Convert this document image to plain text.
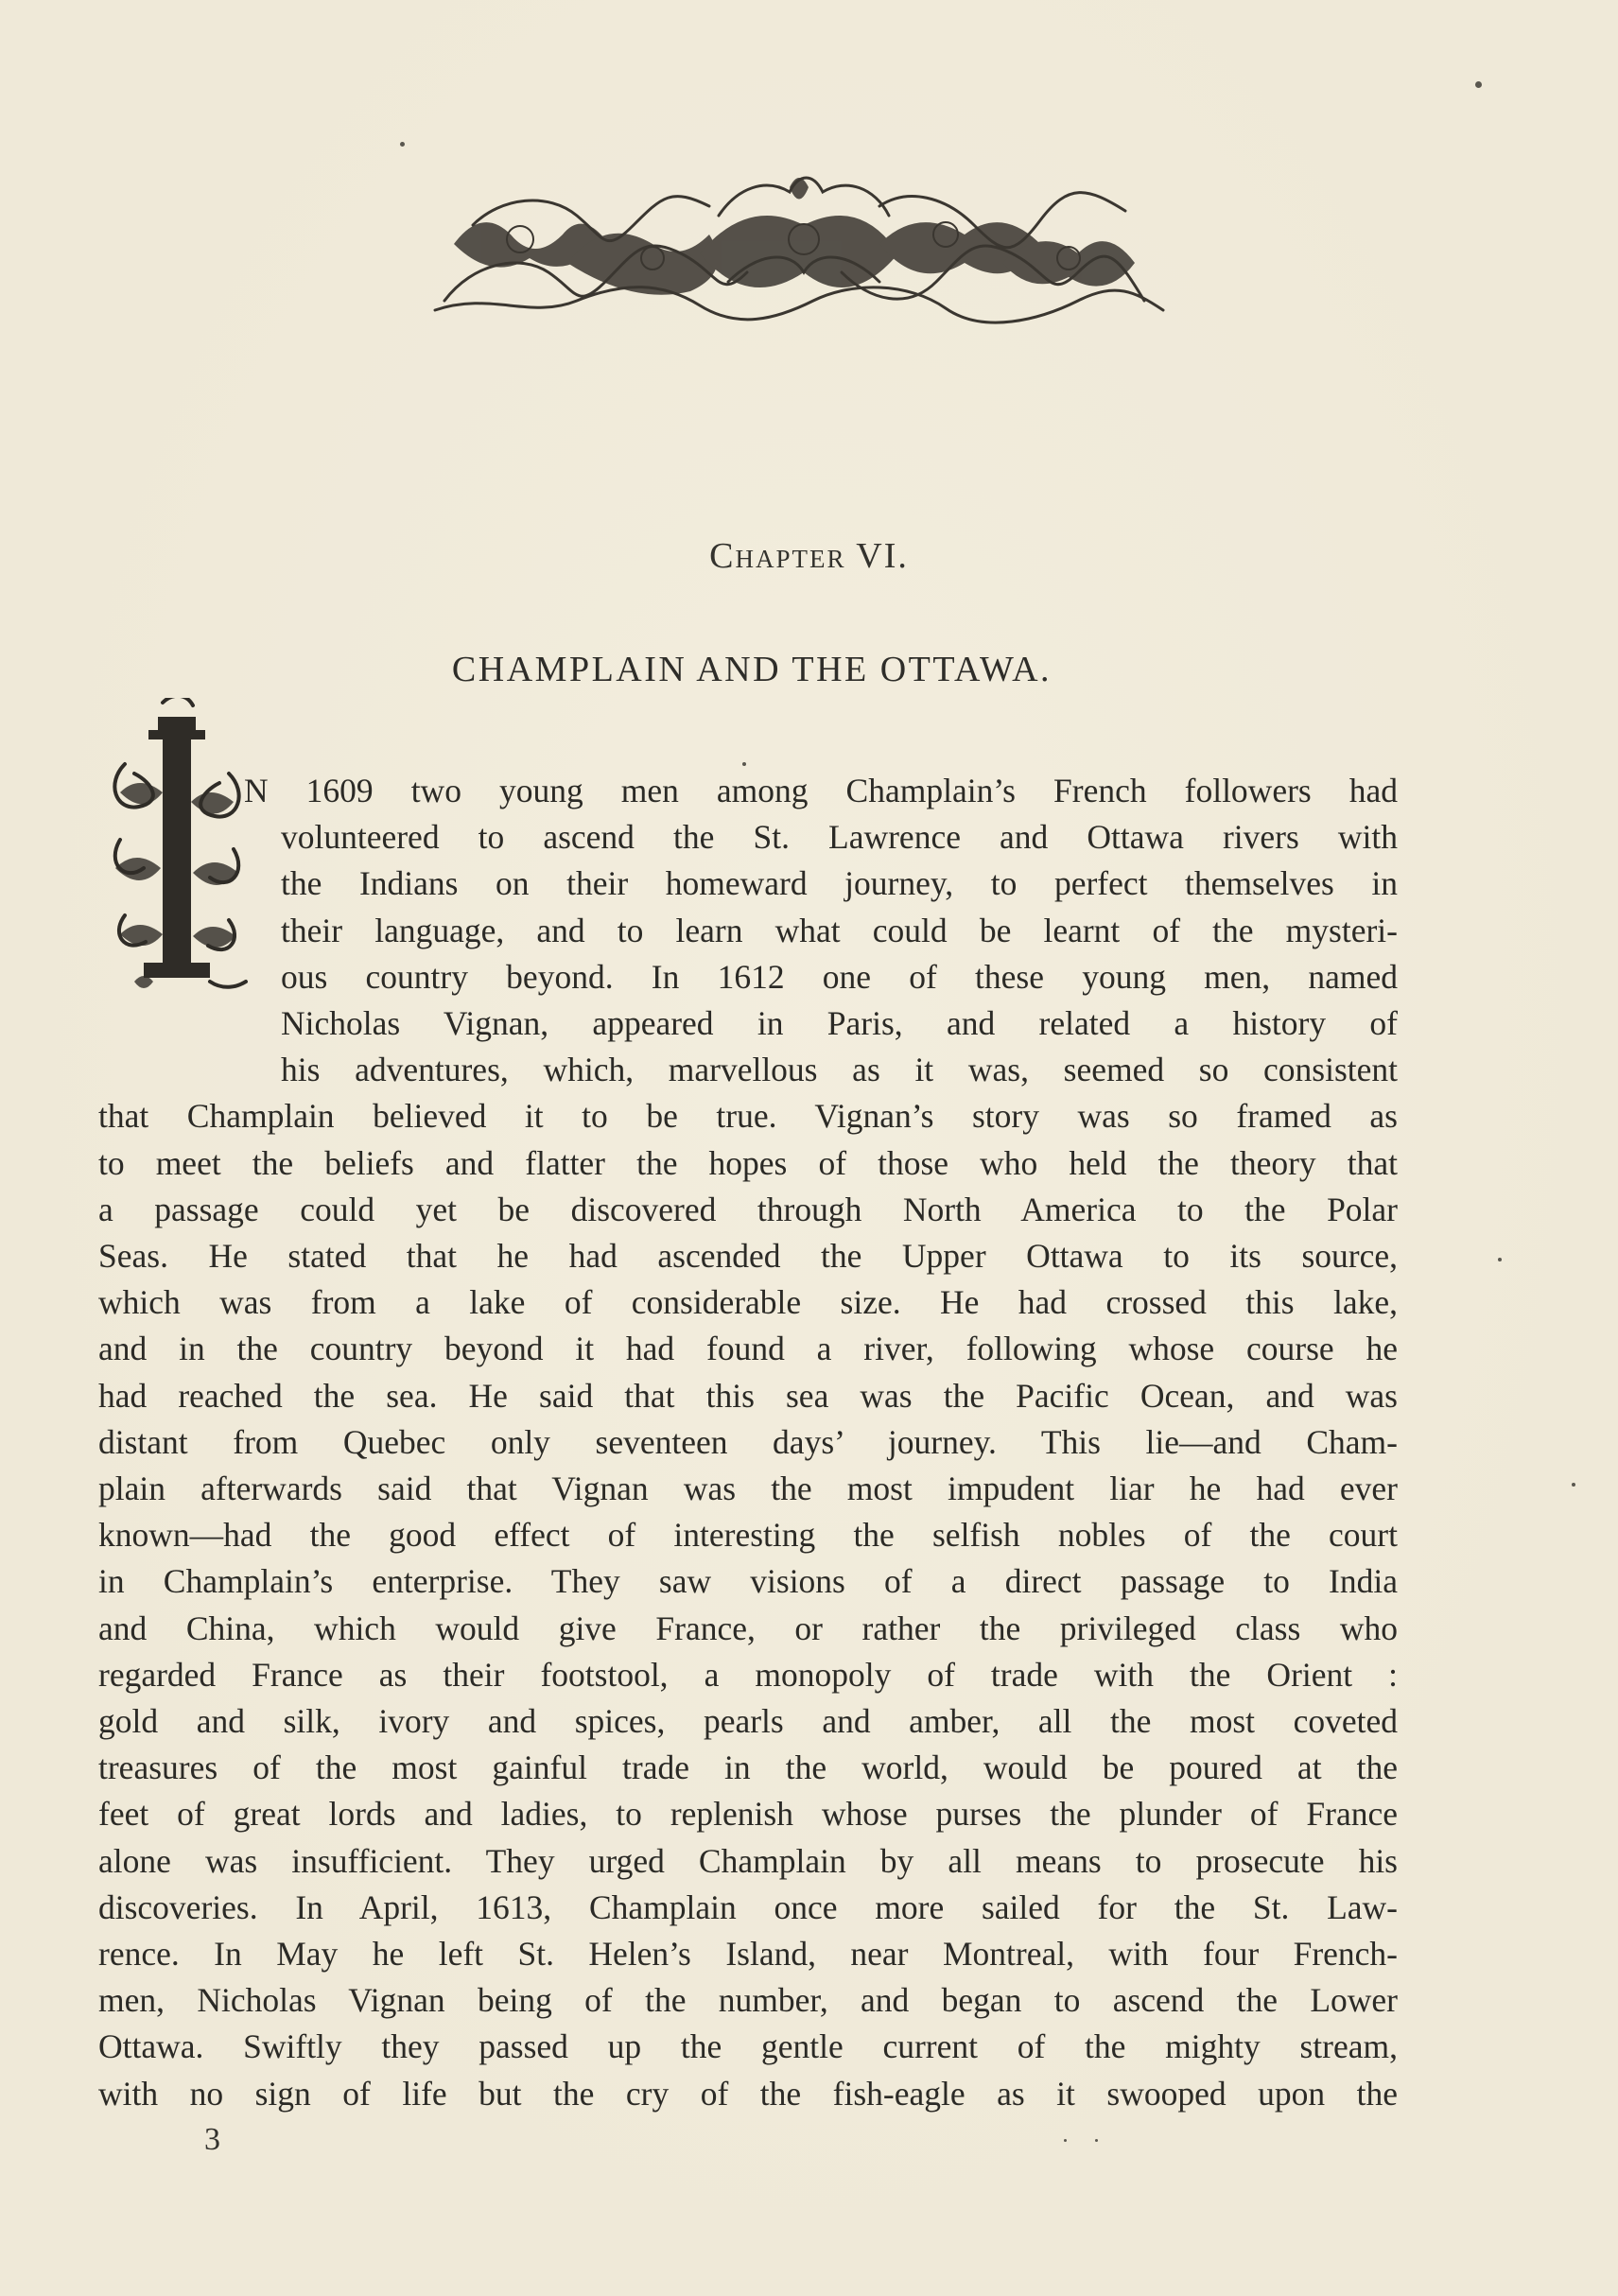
Chapter VI.
CHAMPLAIN AND THE OTTAWA.
I
N 1609 two young men among Champlain’s French followers had
volunteered to ascend the St. Lawrence and Ottawa rivers with
the Indians on their homeward journey, to perfect themselves in
their language, and to learn what could be learnt of the mysteri-
ous country beyond. In 1612 one of these young men, named
Nicholas Vignan, appeared in Paris, and related a history of
his adventures, which, marvellous as it was, seemed so consistent
that Champlain believed it to be true. Vignan’s story was so framed as
to meet the beliefs and flatter the hopes of those who held the theory that
a passage could yet be discovered through North America to the Polar
Seas. He stated that he had ascended the Upper Ottawa to its source,
which was from a lake of considerable size. He had crossed this lake,
and in the country beyond it had found a river, following whose course he
had reached the sea. He said that this sea was the Pacific Ocean, and was
distant from Quebec only seventeen days’ journey. This lie—and Cham-
plain afterwards said that Vignan was the most impudent liar he had ever
known—had the good effect of interesting the selfish nobles of the court
in Champlain’s enterprise. They saw visions of a direct passage to India
and China, which would give France, or rather the privileged class who
regarded France as their footstool, a monopoly of trade with the Orient :
gold and silk, ivory and spices, pearls and amber, all the most coveted
treasures of the most gainful trade in the world, would be poured at the
feet of great lords and ladies, to replenish whose purses the plunder of France
alone was insufficient. They urged Champlain by all means to prosecute his
discoveries. In April, 1613, Champlain once more sailed for the St. Law-
rence. In May he left St. Helen’s Island, near Montreal, with four French-
men, Nicholas Vignan being of the number, and began to ascend the Lower
Ottawa. Swiftly they passed up the gentle current of the mighty stream,
with no sign of life but the cry of the fish-eagle as it swooped upon the
3
